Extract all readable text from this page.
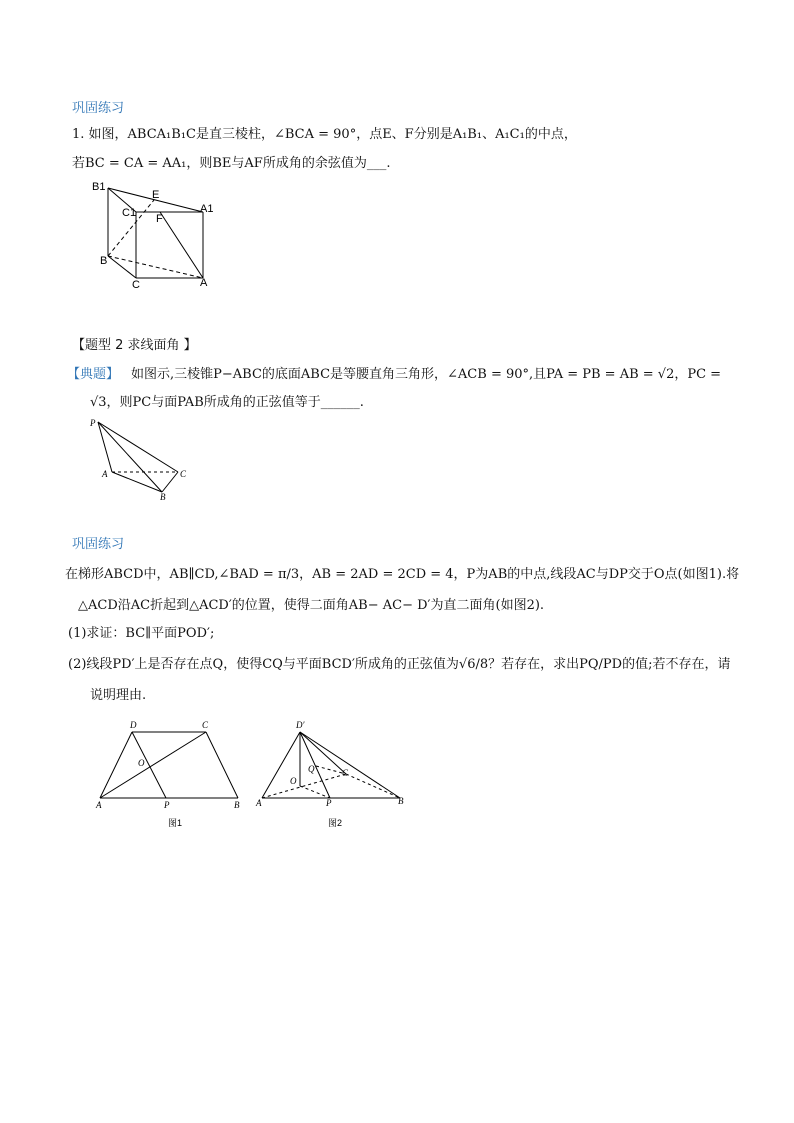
巩固练习
1. 如图，ABCA₁B₁C是直三棱柱，∠BCA = 90°，点E、F分别是A₁B₁、A₁C₁的中点，
若BC = CA = AA₁，则BE与AF所成角的余弦值为___.
B1
E
C1 F
A1
B
C	A
【题型 2 求线面角 】
【典题】 如图示,三棱锥P−ABC的底面ABC是等腰直角三角形，∠ACB = 90°,且PA = PB = AB = √2，PC =
√3，则PC与面PAB所成角的正弦值等于______.
P
A	C
B
巩固练习
在梯形ABCD中，AB∥CD,∠BAD = π/3，AB = 2AD = 2CD = 4，P为AB的中点,线段AC与DP交于O点(如图1).将
△ACD沿AC折起到△ACD′的位置，使得二面角AB− AC− D′为直二面角(如图2).
(1)求证：BC∥平面POD′;
(2)线段PD′上是否存在点Q，使得CQ与平面BCD′所成角的正弦值为√6/8？若存在，求出PQ/PD的值;若不存在，请
说明理由.
D	C
O
A	P	B
图1
D′
Q	C
O
A	P	B
图2
